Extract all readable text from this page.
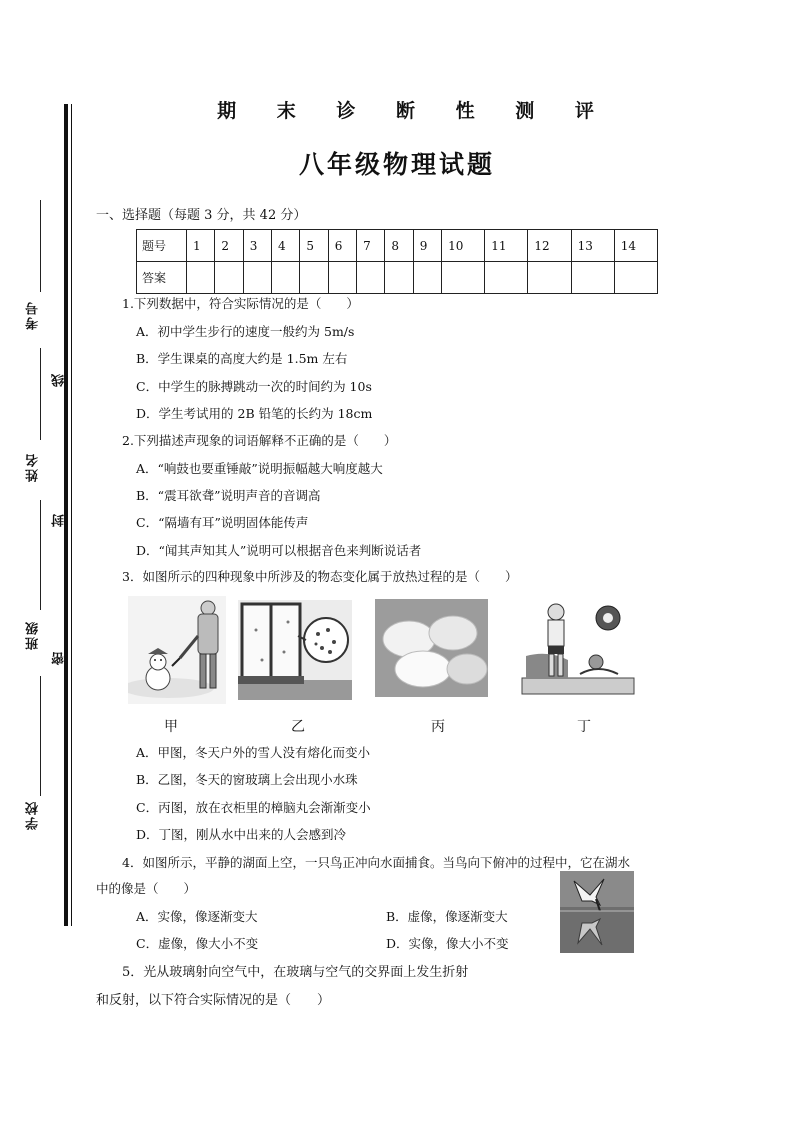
考号
姓名
班级
学校
线
封
密
期 末 诊 断 性 测 评
八年级物理试题
一、选择题（每题 3 分，共 42 分）
题号	1	2	3	4	5	6	7	8	9	10	11	12	13	14
答案														
1.下列数据中，符合实际情况的是（　　）
A．初中学生步行的速度一般约为 5m/s
B．学生课桌的高度大约是 1.5m 左右
C．中学生的脉搏跳动一次的时间约为 10s
D．学生考试用的 2B 铅笔的长约为 18cm
2.下列描述声现象的词语解释不正确的是（　　）
A．“响鼓也要重锤敲”说明振幅越大响度越大
B．“震耳欲聋”说明声音的音调高
C．“隔墙有耳”说明固体能传声
D．“闻其声知其人”说明可以根据音色来判断说话者
3．如图所示的四种现象中所涉及的物态变化属于放热过程的是（　　）
甲	乙	丙	丁
A．甲图，冬天户外的雪人没有熔化而变小
B．乙图，冬天的窗玻璃上会出现小水珠
C．丙图，放在衣柜里的樟脑丸会渐渐变小
D．丁图，刚从水中出来的人会感到冷
4．如图所示，平静的湖面上空，一只鸟正冲向水面捕食。当鸟向下俯冲的过程中，它在湖水
中的像是（　　）
A．实像，像逐渐变大	B．虚像，像逐渐变大
C．虚像，像大小不变	D．实像，像大小不变
5．光从玻璃射向空气中，在玻璃与空气的交界面上发生折射
和反射，以下符合实际情况的是（　　）
